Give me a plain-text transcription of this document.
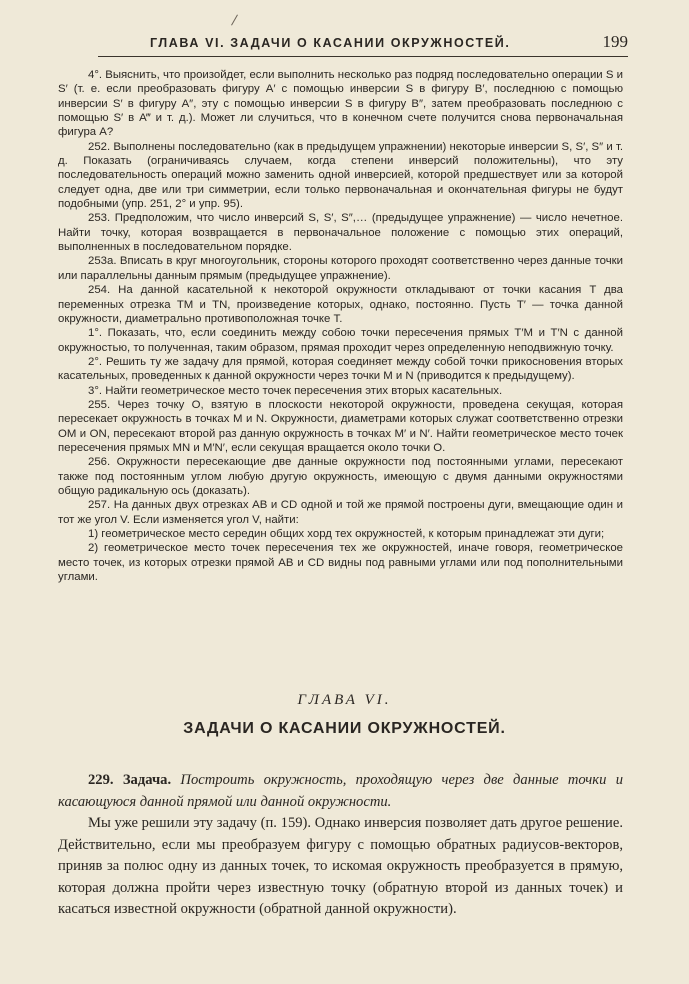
ГЛАВА VI. ЗАДАЧИ О КАСАНИИ ОКРУЖНОСТЕЙ.	199

4°. Выяснить, что произойдет, если выполнить несколько раз подряд последовательно операции S и S′ (т. е. если преобразовать фигуру A′ с помощью инверсии S в фигуру B′, последнюю с помощью инверсии S′ в фигуру A″, эту с помощью инверсии S в фигуру B″, затем преобразовать последнюю с помощью S′ в A‴ и т. д.). Может ли случиться, что в конечном счете получится снова первоначальная фигура A?

252. Выполнены последовательно (как в предыдущем упражнении) некоторые инверсии S, S′, S″ и т. д. Показать (ограничиваясь случаем, когда степени инверсий положительны), что эту последовательность операций можно заменить одной инверсией, которой предшествует или за которой следует одна, две или три симметрии, если только первоначальная и окончательная фигуры не будут подобными (упр. 251, 2° и упр. 95).

253. Предположим, что число инверсий S, S′, S″,… (предыдущее упражнение) — число нечетное. Найти точку, которая возвращается в первоначальное положение с помощью этих операций, выполненных в последовательном порядке.

253a. Вписать в круг многоугольник, стороны которого проходят соответственно через данные точки или параллельны данным прямым (предыдущее упражнение).

254. На данной касательной к некоторой окружности откладывают от точки касания T два переменных отрезка TM и TN, произведение которых, однако, постоянно. Пусть T′ — точка данной окружности, диаметрально противоположная точке T.

1°. Показать, что, если соединить между собою точки пересечения прямых T′M и T′N с данной окружностью, то полученная, таким образом, прямая проходит через определенную неподвижную точку.

2°. Решить ту же задачу для прямой, которая соединяет между собой точки прикосновения вторых касательных, проведенных к данной окружности через точки M и N (приводится к предыдущему).

3°. Найти геометрическое место точек пересечения этих вторых касательных.

255. Через точку O, взятую в плоскости некоторой окружности, проведена секущая, которая пересекает окружность в точках M и N. Окружности, диаметрами которых служат соответственно отрезки OM и ON, пересекают второй раз данную окружность в точках M′ и N′. Найти геометрическое место точек пересечения прямых MN и M′N′, если секущая вращается около точки O.

256. Окружности пересекающие две данные окружности под постоянными углами, пересекают также под постоянным углом любую другую окружность, имеющую с двумя данными окружностями общую радикальную ось (доказать).

257. На данных двух отрезках AB и CD одной и той же прямой построены дуги, вмещающие один и тот же угол V. Если изменяется угол V, найти:

1) геометрическое место середин общих хорд тех окружностей, к которым принадлежат эти дуги;

2) геометрическое место точек пересечения тех же окружностей, иначе говоря, геометрическое место точек, из которых отрезки прямой AB и CD видны под равными углами или под пополнительными углами.

ГЛАВА VI.
ЗАДАЧИ О КАСАНИИ ОКРУЖНОСТЕЙ.

229. Задача. Построить окружность, проходящую через две данные точки и касающуюся данной прямой или данной окружности.

Мы уже решили эту задачу (п. 159). Однако инверсия позволяет дать другое решение. Действительно, если мы преобразуем фигуру с помощью обратных радиусов-векторов, приняв за полюс одну из данных точек, то искомая окружность преобразуется в прямую, которая должна пройти через известную точку (обратную второй из данных точек) и касаться известной окружности (обратной данной окружности).
